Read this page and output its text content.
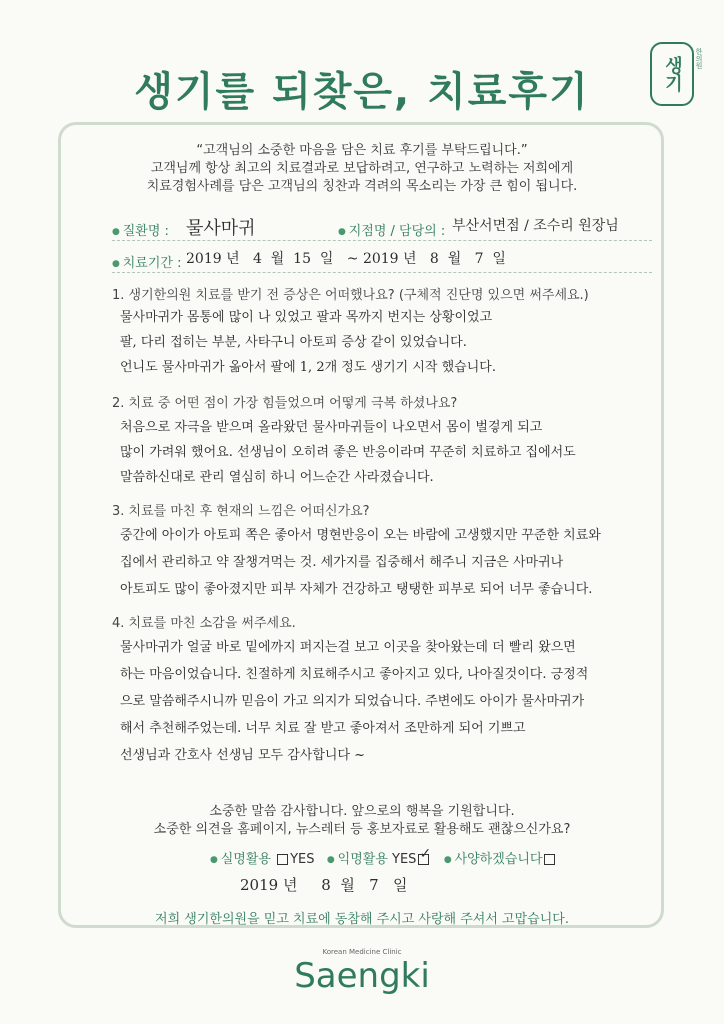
생기	한의원
생기를 되찾은, 치료후기
“고객님의 소중한 마음을 담은 치료 후기를 부탁드립니다.”
고객님께 항상 최고의 치료결과로 보답하려고, 연구하고 노력하는 저희에게
치료경험사례를 담은 고객님의 칭찬과 격려의 목소리는 가장 큰 힘이 됩니다.
● 질환명 : 물사마귀	● 지점명 / 담당의 : 부산서면점 / 조수리 원장님
● 치료기간 : 2019 년   4  월  15  일   ~ 2019 년   8  월   7  일
1. 생기한의원 치료를 받기 전 증상은 어떠했나요? (구체적 진단명 있으면 써주세요.)
물사마귀가 몸통에 많이 나 있었고 팔과 목까지 번지는 상황이었고
팔, 다리 접히는 부분, 사타구니 아토피 증상 같이 있었습니다.
언니도 물사마귀가 옮아서 팔에 1, 2개 정도 생기기 시작 했습니다.
2. 치료 중 어떤 점이 가장 힘들었으며 어떻게 극복 하셨나요?
처음으로 자극을 받으며 올라왔던 물사마귀들이 나오면서 몸이 벌겋게 되고
많이 가려워 했어요. 선생님이 오히려 좋은 반응이라며 꾸준히 치료하고 집에서도
말씀하신대로 관리 열심히 하니 어느순간 사라졌습니다.
3. 치료를 마친 후 현재의 느낌은 어떠신가요?
중간에 아이가 아토피 쪽은 좋아서 명현반응이 오는 바람에 고생했지만 꾸준한 치료와
집에서 관리하고 약 잘챙겨먹는 것. 세가지를 집중해서 해주니 지금은 사마귀나
아토피도 많이 좋아졌지만 피부 자체가 건강하고 탱탱한 피부로 되어 너무 좋습니다.
4. 치료를 마친 소감을 써주세요.
물사마귀가 얼굴 바로 밑에까지 퍼지는걸 보고 이곳을 찾아왔는데 더 빨리 왔으면
하는 마음이었습니다. 친절하게 치료해주시고 좋아지고 있다, 나아질것이다. 긍정적
으로 말씀해주시니까 믿음이 가고 의지가 되었습니다. 주변에도 아이가 물사마귀가
해서 추천해주었는데. 너무 치료 잘 받고 좋아져서 조만하게 되어 기쁘고
선생님과 간호사 선생님 모두 감사합니다 ~
소중한 말씀 감사합니다. 앞으로의 행복을 기원합니다.
소중한 의견을 홈페이지, 뉴스레터 등 홍보자료로 활용해도 괜찮으신가요?
● 실명활용 YES ● 익명활용 YES ✓ ● 사양하겠습니다
2019 년     8  월   7   일
저희 생기한의원을 믿고 치료에 동참해 주시고 사랑해 주셔서 고맙습니다.
Korean Medicine Clinic
Saengki
